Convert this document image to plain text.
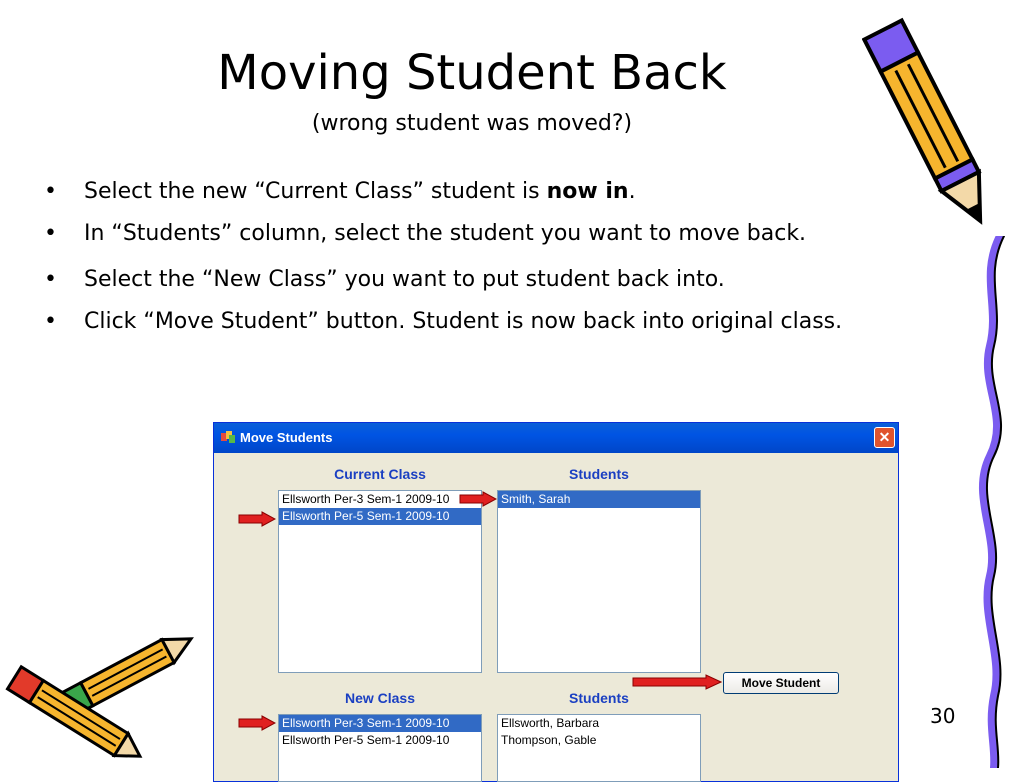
Moving Student Back
(wrong student was moved?)
• Select the new “Current Class” student is now in.
• In “Students” column, select the student you want to move back.
• Select the “New Class” you want to put student back into.
• Click “Move Student” button. Student is now back into original class.
Move Students	✕
Current Class	Students
New Class	Students
Ellsworth Per-3 Sem-1 2009-10
Ellsworth Per-5 Sem-1 2009-10
Smith, Sarah
Ellsworth Per-3 Sem-1 2009-10
Ellsworth Per-5 Sem-1 2009-10
Ellsworth, Barbara
Thompson, Gable
Move Student
30
